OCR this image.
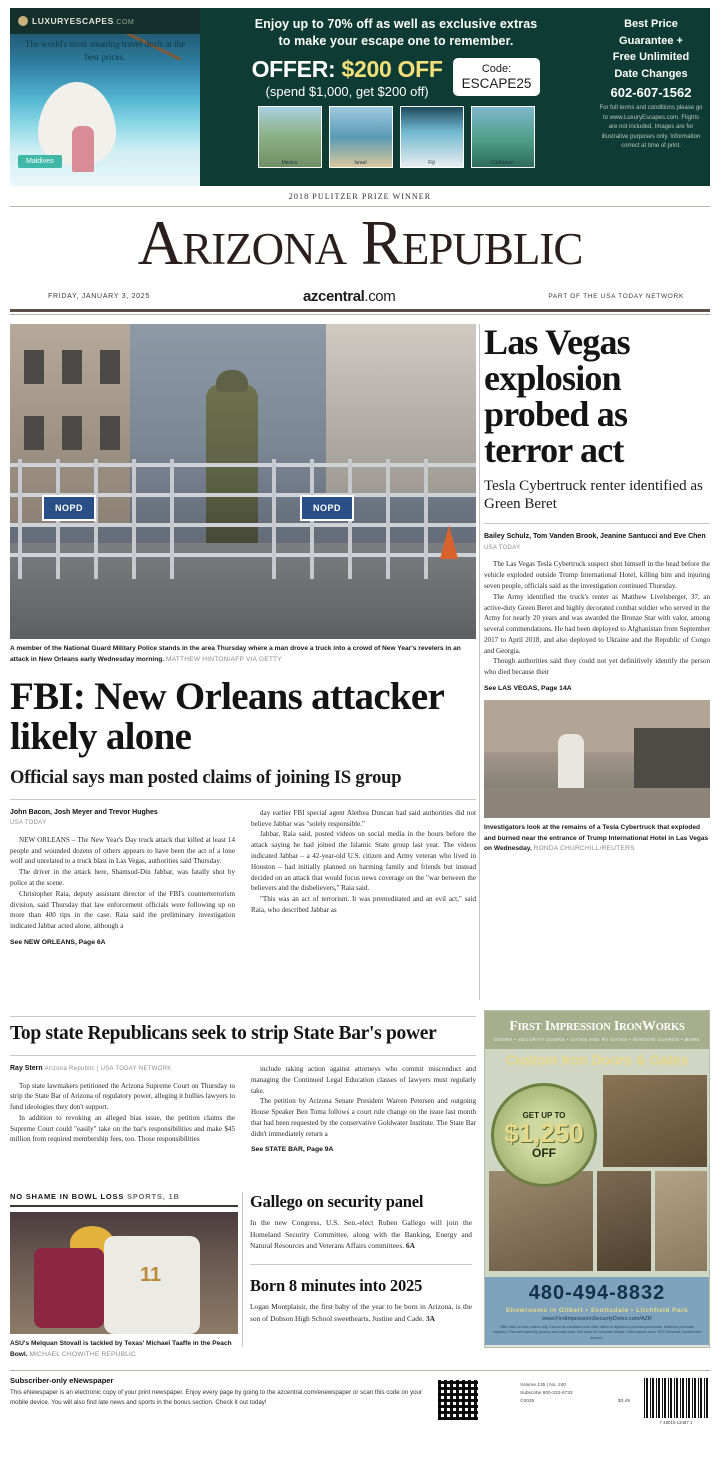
LUXURYESCAPES.COM
The world's most amazing travel deals at the best prices.
Maldives
Enjoy up to 70% off as well as exclusive extras
to make your escape one to remember.
OFFER: $200 OFF
(spend $1,000, get $200 off)
Code:
ESCAPE25
Mexico	Israel	Fiji	Caribbean
Best Price
Guarantee +
Free Unlimited
Date Changes
602-607-1562
For full terms and conditions please go to www.LuxuryEscapes.com. Flights are not included. Images are for illustrative purposes only. Information correct at time of print.
2018 PULITZER PRIZE WINNER
ARIZONA REPUBLIC
FRIDAY, JANUARY 3, 2025	azcentral.com	PART OF THE USA TODAY NETWORK
NOPD	NOPD
A member of the National Guard Military Police stands in the area Thursday where a man drove a truck into a crowd of New Year's revelers in an attack in New Orleans early Wednesday morning. MATTHEW HINTON/AFP VIA GETTY
FBI: New Orleans attacker likely alone
Official says man posted claims of joining IS group
John Bacon, Josh Meyer and Trevor Hughes
USA TODAY

NEW ORLEANS – The New Year's Day truck attack that killed at least 14 people and wounded dozens of others appears to have been the act of a lone wolf and unrelated to a truck blast in Las Vegas, authorities said Thursday.

The driver in the attack here, Shamsud-Din Jabbar, was fatally shot by police at the scene.

Christopher Raia, deputy assistant director of the FBI's counterterrorism division, said Thursday that law enforcement officials were following up on more than 400 tips in the case. Raia said the preliminary investigation indicated Jabbar acted alone, although a

See NEW ORLEANS, Page 6A

day earlier FBI special agent Alethea Duncan had said authorities did not believe Jabbar was "solely responsible."

Jabbar, Raia said, posted videos on social media in the hours before the attack saying he had joined the Islamic State group last year. The videos indicated Jabbar – a 42-year-old U.S. citizen and Army veteran who lived in Houston – had initially planned on harming family and friends but instead decided on an attack that would focus news coverage on the "war between the believers and the disbelievers," Raia said.

"This was an act of terrorism. It was premeditated and an evil act," said Raia, who described Jabbar as

Las Vegas explosion probed as terror act
Tesla Cybertruck renter identified as Green Beret
Bailey Schulz, Tom Vanden Brook, Jeanine Santucci and Eve Chen USA TODAY

The Las Vegas Tesla Cybertruck suspect shot himself in the head before the vehicle exploded outside Trump International Hotel, killing him and injuring seven people, officials said as the investigation continued Thursday.

The Army identified the truck's renter as Matthew Livelsberger, 37, an active-duty Green Beret and highly decorated combat soldier who served in the Army for nearly 20 years and was awarded the Bronze Star with valor, among several commendations. He had been deployed to Afghanistan from September 2017 to April 2018, and also deployed to Ukraine and the Republic of Congo and Georgia.

Though authorities said they could not yet definitively identify the person who died because their

See LAS VEGAS, Page 14A
Investigators look at the remains of a Tesla Cybertruck that exploded and burned near the entrance of Trump International Hotel in Las Vegas on Wednesday. RONDA CHURCHILL/REUTERS
Top state Republicans seek to strip State Bar's power
Ray Stern Arizona Republic | USA TODAY NETWORK

Top state lawmakers petitioned the Arizona Supreme Court on Thursday to strip the State Bar of Arizona of regulatory power, alleging it bullies lawyers to fund ideologies they don't support.

In addition to revoking an alleged bias issue, the petition claims the Supreme Court could "easily" take on the bar's responsibilities and make $45 million from required membership fees, too. Those responsibilities

include taking action against attorneys who commit misconduct and managing the Continued Legal Education classes of lawyers must regularly take.

The petition by Arizona Senate President Warren Petersen and outgoing House Speaker Ben Toma follows a court rule change on the issue last month that had been requested by the conservative Goldwater Institute. The State Bar didn't immediately return a

See STATE BAR, Page 9A
NO SHAME IN BOWL LOSS SPORTS, 1B
11
ASU's Melquan Stovall is tackled by Texas' Michael Taaffe in the Peach Bowl. MICHAEL CHOW/THE REPUBLIC
Gallego on security panel
In the new Congress, U.S. Sen.-elect Ruben Gallego will join the Homeland Security Committee, along with the Banking, Energy and Natural Resources and Veterans Affairs committees. 6A
Born 8 minutes into 2025
Logan Montplaisir, the first baby of the year to be born in Arizona, is the son of Dobson High School sweethearts, Justine and Cade. 3A
FIRST IMPRESSION IRONWORKS
DOORS • SECURITY DOORS • GATES AND RV GATES • WINDOW GUARDS • MORE
Custom Iron Doors & Gates
GET UP TO
$1,250
OFF
480-494-8832
Showrooms in Gilbert • Scottsdale • Litchfield Park
www.FirstImpressionSecurityDoors.com/AZR
Offer valid on new orders only. Cannot be combined with other offers or applied to previous purchases. Minimum purchase required. Discount varies by product and order total. See store for complete details. Offer expires soon. ROC licensed, bonded and insured.
Subscriber-only eNewspaper
This eNewspaper is an electronic copy of your print newspaper. Enjoy every page by going to the azcentral.com/enewspaper or scan this code on your mobile device. You will also find late news and sports in the bonus section. Check it out today!
Volume 135 | No. 240
Subscribe 800-332-6733
©2025	$3.49
7 48019 13487 1
